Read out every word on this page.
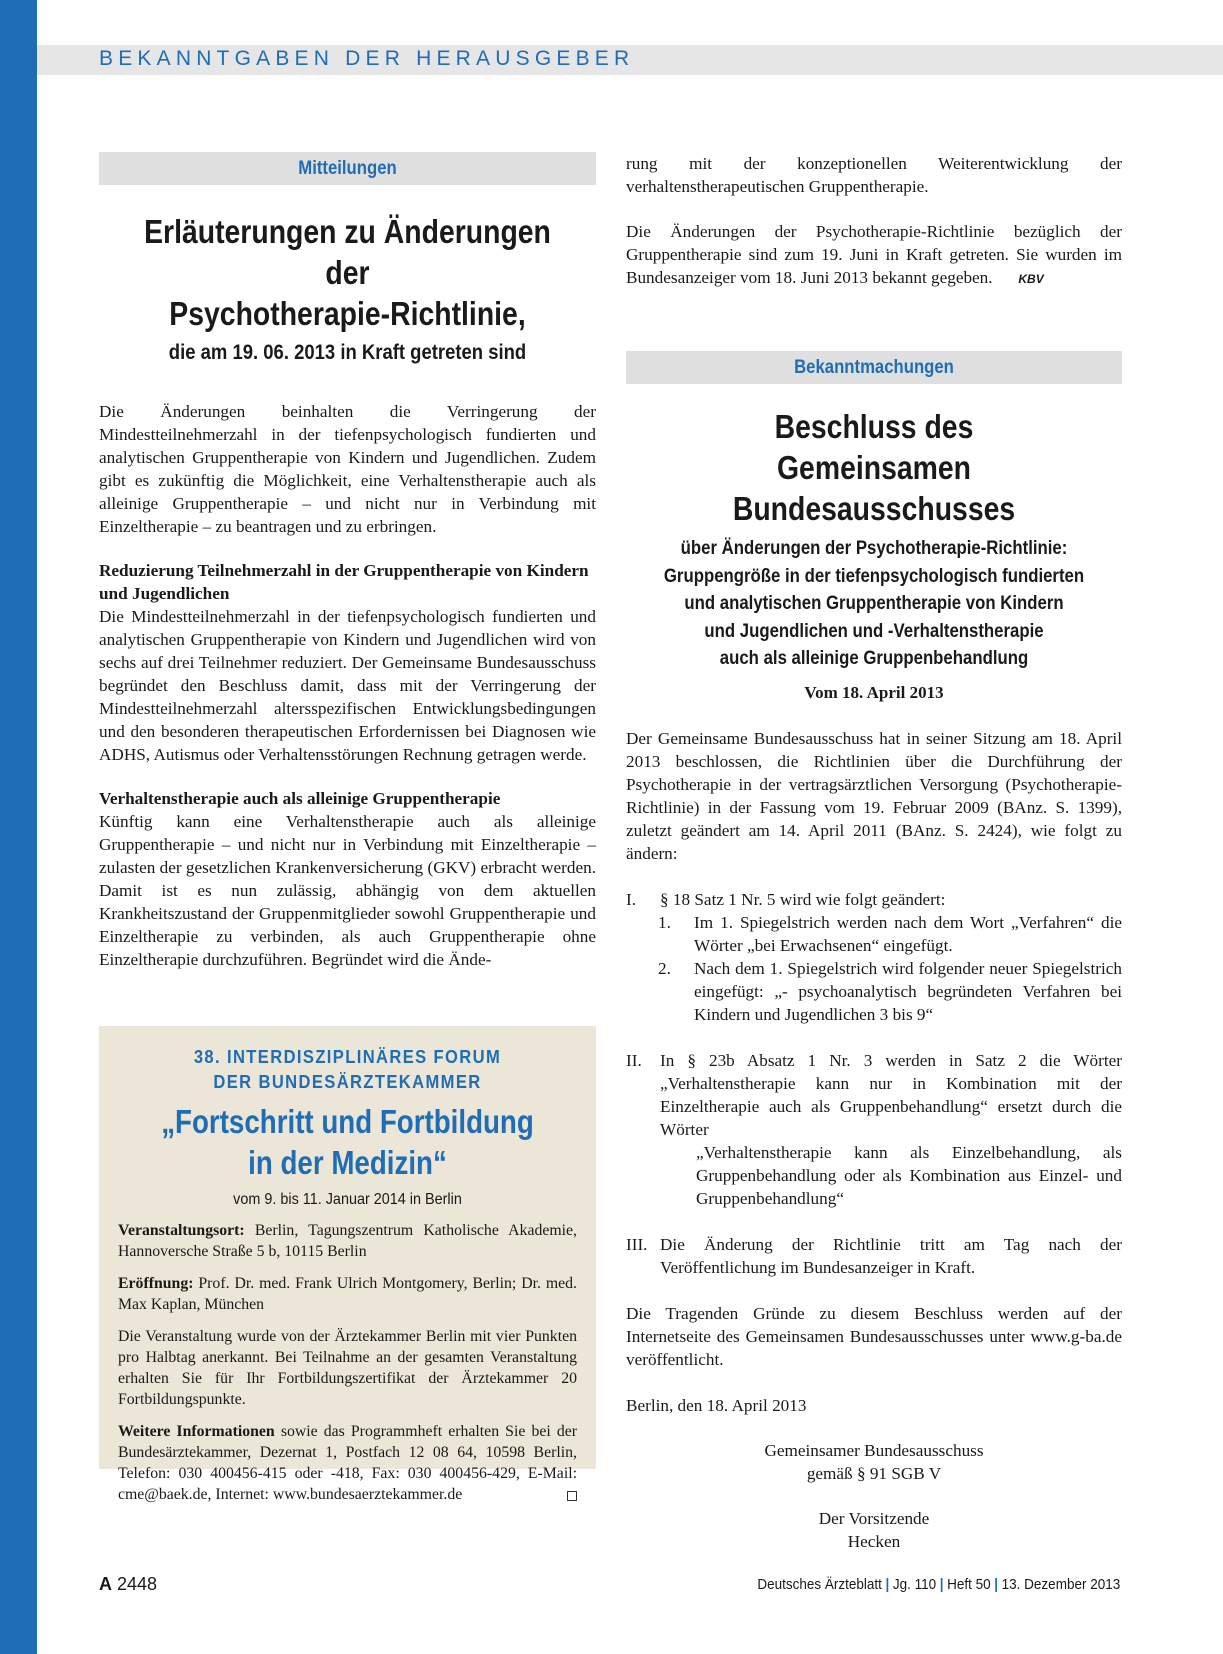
BEKANNTGABEN DER HERAUSGEBER
Mitteilungen
Erläuterungen zu Änderungen der
Psychotherapie-Richtlinie,
die am 19. 06. 2013 in Kraft getreten sind

Die Änderungen beinhalten die Verringerung der Mindestteilnehmerzahl in der tiefenpsychologisch fundierten und analytischen Gruppentherapie von Kindern und Jugendlichen. Zudem gibt es zukünftig die Möglichkeit, eine Verhaltenstherapie auch als alleinige Gruppentherapie – und nicht nur in Verbindung mit Einzeltherapie – zu beantragen und zu erbringen.

Reduzierung Teilnehmerzahl in der Gruppentherapie von Kindern und Jugendlichen

Die Mindestteilnehmerzahl in der tiefenpsychologisch fundierten und analytischen Gruppentherapie von Kindern und Jugendlichen wird von sechs auf drei Teilnehmer reduziert. Der Gemeinsame Bundesausschuss begründet den Beschluss damit, dass mit der Verringerung der Mindestteilnehmerzahl altersspezifischen Entwicklungsbedingungen und den besonderen therapeutischen Erfordernissen bei Diagnosen wie ADHS, Autismus oder Verhaltensstörungen Rechnung getragen werde.

Verhaltenstherapie auch als alleinige Gruppentherapie

Künftig kann eine Verhaltenstherapie auch als alleinige Gruppentherapie – und nicht nur in Verbindung mit Einzeltherapie – zulasten der gesetzlichen Krankenversicherung (GKV) erbracht werden. Damit ist es nun zulässig, abhängig von dem aktuellen Krankheitszustand der Gruppenmitglieder sowohl Gruppentherapie und Einzeltherapie zu verbinden, als auch Gruppentherapie ohne Einzeltherapie durchzuführen. Begründet wird die Ände-

38. INTERDISZIPLINÄRES FORUM
DER BUNDESÄRZTEKAMMER
„Fortschritt und Fortbildung
in der Medizin“
vom 9. bis 11. Januar 2014 in Berlin

Veranstaltungsort: Berlin, Tagungszentrum Katholische Akademie, Hannoversche Straße 5 b, 10115 Berlin

Eröffnung: Prof. Dr. med. Frank Ulrich Montgomery, Berlin; Dr. med. Max Kaplan, München

Die Veranstaltung wurde von der Ärztekammer Berlin mit vier Punkten pro Halbtag anerkannt. Bei Teilnahme an der gesamten Veranstaltung erhalten Sie für Ihr Fortbildungszertifikat der Ärztekammer 20 Fortbildungspunkte.

Weitere Informationen sowie das Programmheft erhalten Sie bei der Bundesärztekammer, Dezernat 1, Postfach 12 08 64, 10598 Berlin, Telefon: 030 400456-415 oder -418, Fax: 030 400456-429, E-Mail: cme@baek.de, Internet: www.bundesaerztekammer.de

rung mit der konzeptionellen Weiterentwicklung der verhaltenstherapeutischen Gruppentherapie.

Die Änderungen der Psychotherapie-Richtlinie bezüglich der Gruppentherapie sind zum 19. Juni in Kraft getreten. Sie wurden im Bundesanzeiger vom 18. Juni 2013 bekannt gegeben. KBV

Bekanntmachungen
Beschluss des
Gemeinsamen Bundesausschusses
über Änderungen der Psychotherapie-Richtlinie:
Gruppengröße in der tiefenpsychologisch fundierten
und analytischen Gruppentherapie von Kindern
und Jugendlichen und -Verhaltenstherapie
auch als alleinige Gruppenbehandlung
Vom 18. April 2013

Der Gemeinsame Bundesausschuss hat in seiner Sitzung am 18. April 2013 beschlossen, die Richtlinien über die Durchführung der Psychotherapie in der vertragsärztlichen Versorgung (Psychotherapie-Richtlinie) in der Fassung vom 19. Februar 2009 (BAnz. S. 1399), zuletzt geändert am 14. April 2011 (BAnz. S. 2424), wie folgt zu ändern:

I.	§ 18 Satz 1 Nr. 5 wird wie folgt geändert:
1.	Im 1. Spiegelstrich werden nach dem Wort „Verfahren“ die Wörter „bei Erwachsenen“ eingefügt.
2.	Nach dem 1. Spiegelstrich wird folgender neuer Spiegelstrich eingefügt: „- psychoanalytisch begründeten Verfahren bei Kindern und Jugendlichen 3 bis 9“
II.	In § 23b Absatz 1 Nr. 3 werden in Satz 2 die Wörter „Verhaltenstherapie kann nur in Kombination mit der Einzeltherapie auch als Gruppenbehandlung“ ersetzt durch die Wörter
„Verhaltenstherapie kann als Einzelbehandlung, als Gruppenbehandlung oder als Kombination aus Einzel- und Gruppenbehandlung“
III. Die Änderung der Richtlinie tritt am Tag nach der Veröffentlichung im Bundesanzeiger in Kraft.

Die Tragenden Gründe zu diesem Beschluss werden auf der Internetseite des Gemeinsamen Bundesausschusses unter www.g-ba.de veröffentlicht.

Berlin, den 18. April 2013

Gemeinsamer Bundesausschuss
gemäß § 91 SGB V
Der Vorsitzende
Hecken
A 2448	Deutsches Ärzteblatt | Jg. 110 | Heft 50 | 13. Dezember 2013
